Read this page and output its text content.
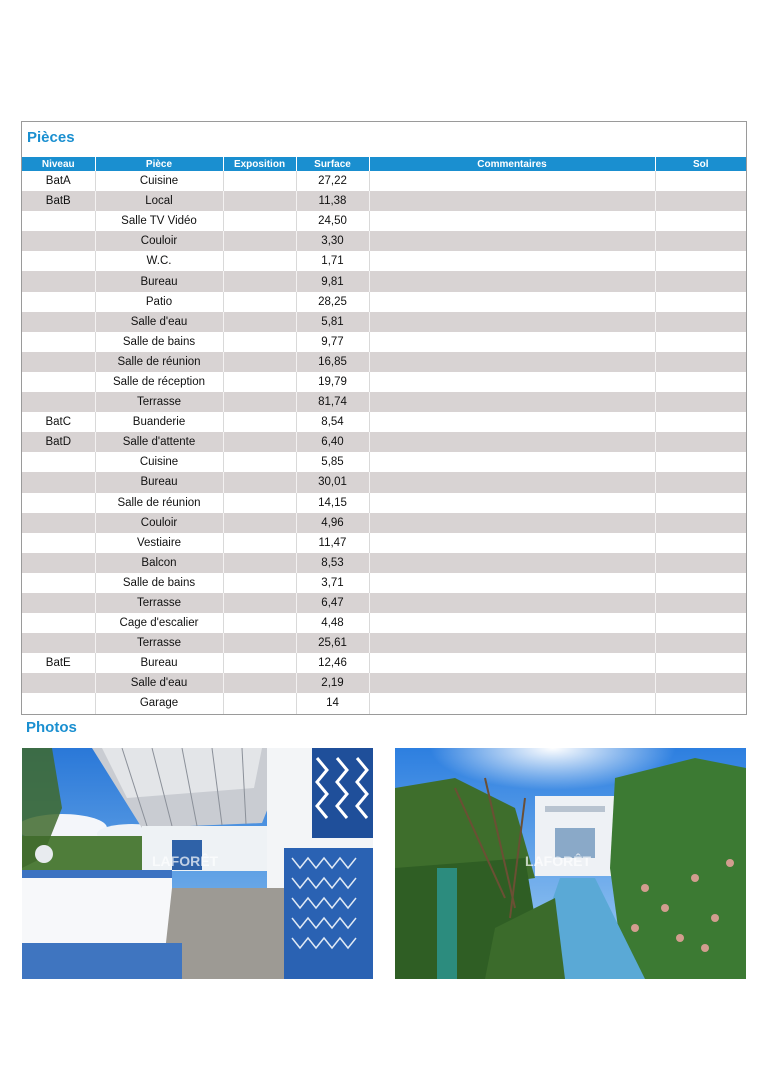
Pièces
Niveau	Pièce	Exposition	Surface	Commentaires	Sol
BatA	Cuisine		27,22		
BatB	Local		11,38		
	Salle TV Vidéo		24,50		
	Couloir		3,30		
	W.C.		1,71		
	Bureau		9,81		
	Patio		28,25		
	Salle d'eau		5,81		
	Salle de bains		9,77		
	Salle de réunion		16,85		
	Salle de réception		19,79		
	Terrasse		81,74		
BatC	Buanderie		8,54		
BatD	Salle d'attente		6,40		
	Cuisine		5,85		
	Bureau		30,01		
	Salle de réunion		14,15		
	Couloir		4,96		
	Vestiaire		11,47		
	Balcon		8,53		
	Salle de bains		3,71		
	Terrasse		6,47		
	Cage d'escalier		4,48		
	Terrasse		25,61		
BatE	Bureau		12,46		
	Salle d'eau		2,19		
	Garage		14		
Photos
LAFORÊT	LAFORÊT
